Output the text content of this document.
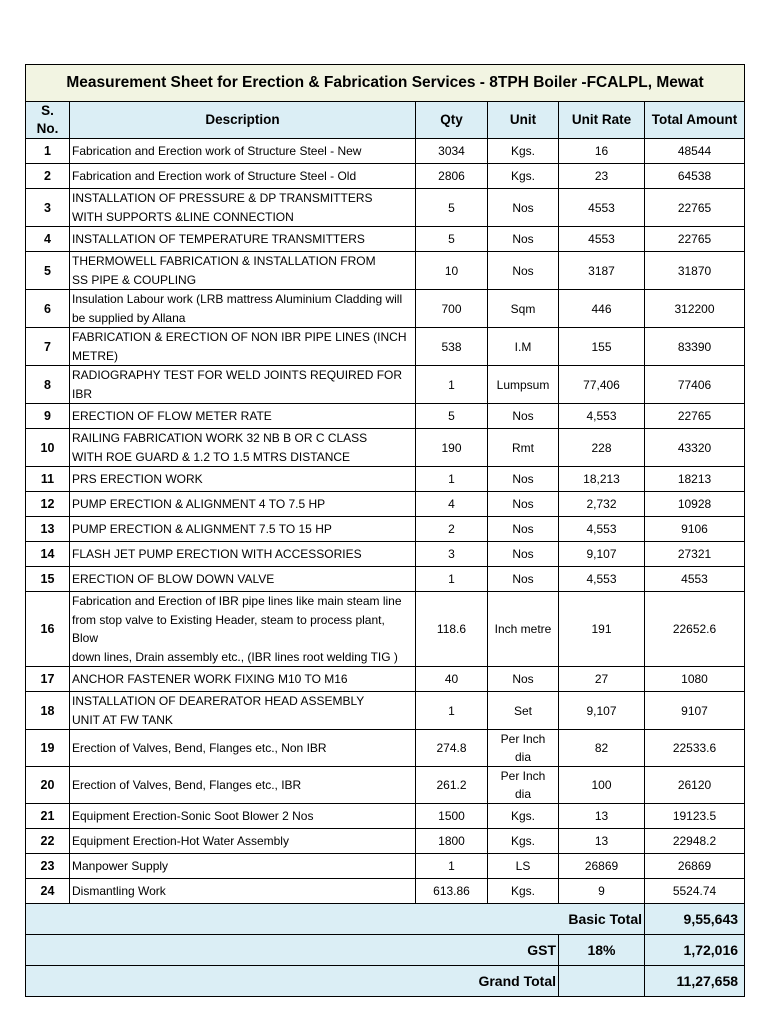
Measurement Sheet for Erection & Fabrication Services - 8TPH Boiler -FCALPL, Mewat					
S. No.	Description	Qty	Unit	Unit Rate	Total Amount
1	Fabrication and Erection work of Structure Steel - New	3034	Kgs.	16	48544
2	Fabrication and Erection work of Structure Steel - Old	2806	Kgs.	23	64538
3	INSTALLATION OF PRESSURE & DP TRANSMITTERS
WITH SUPPORTS &LINE CONNECTION	5	Nos	4553	22765
4	INSTALLATION OF TEMPERATURE TRANSMITTERS	5	Nos	4553	22765
5	THERMOWELL FABRICATION & INSTALLATION FROM
SS PIPE & COUPLING	10	Nos	3187	31870
6	Insulation Labour work (LRB mattress Aluminium Cladding will
be supplied by Allana	700	Sqm	446	312200
7	FABRICATION & ERECTION OF NON IBR PIPE LINES (INCH
METRE)	538	I.M	155	83390
8	RADIOGRAPHY TEST FOR WELD JOINTS REQUIRED FOR IBR	1	Lumpsum	77,406	77406
9	ERECTION OF FLOW METER RATE	5	Nos	4,553	22765
10	RAILING FABRICATION WORK 32 NB B OR C CLASS
WITH ROE GUARD & 1.2 TO 1.5 MTRS DISTANCE	190	Rmt	228	43320
11	PRS ERECTION WORK	1	Nos	18,213	18213
12	PUMP ERECTION & ALIGNMENT 4 TO 7.5 HP	4	Nos	2,732	10928
13	PUMP ERECTION & ALIGNMENT 7.5 TO 15 HP	2	Nos	4,553	9106
14	FLASH JET PUMP ERECTION WITH ACCESSORIES	3	Nos	9,107	27321
15	ERECTION OF BLOW DOWN VALVE	1	Nos	4,553	4553
16	Fabrication and Erection of IBR pipe lines like main steam line
from stop valve to Existing Header, steam to process plant, Blow
down lines, Drain assembly etc., (IBR lines root welding TIG )	118.6	Inch metre	191	22652.6
17	ANCHOR FASTENER WORK FIXING M10 TO M16	40	Nos	27	1080
18	INSTALLATION OF DEARERATOR HEAD ASSEMBLY
UNIT AT FW TANK	1	Set	9,107	9107
19	Erection of Valves, Bend, Flanges etc., Non IBR	274.8	Per Inch dia	82	22533.6
20	Erection of Valves, Bend, Flanges etc., IBR	261.2	Per Inch dia	100	26120
21	Equipment Erection-Sonic Soot Blower 2 Nos	1500	Kgs.	13	19123.5
22	Equipment Erection-Hot Water Assembly	1800	Kgs.	13	22948.2
23	Manpower Supply	1	LS	26869	26869
24	Dismantling Work	613.86	Kgs.	9	5524.74
Basic Total					9,55,643
GST				18%	1,72,016
Grand Total					11,27,658
